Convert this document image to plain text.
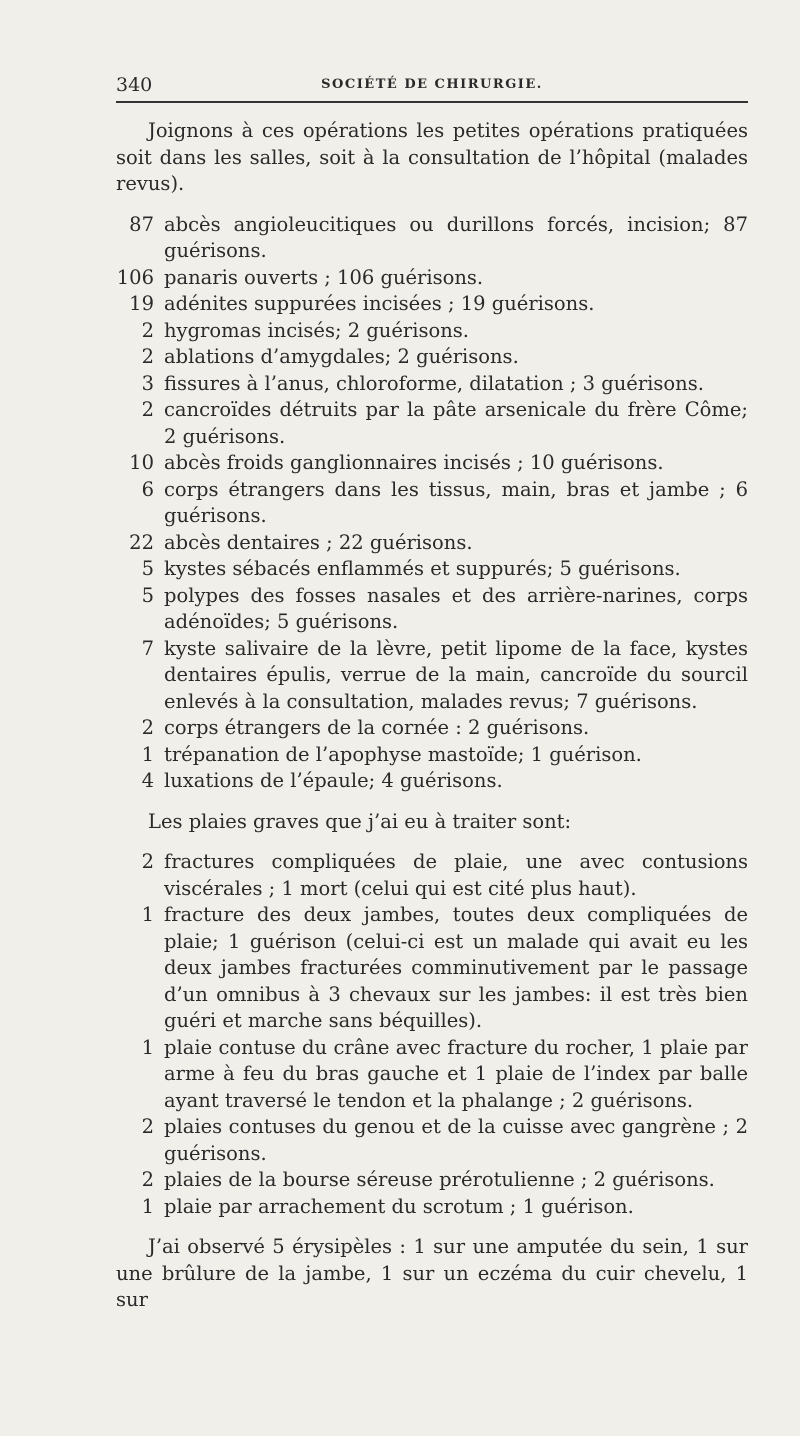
340	SOCIÉTÉ DE CHIRURGIE.

Joignons à ces opérations les petites opérations pratiquées soit dans les salles, soit à la consultation de l’hôpital (malades revus).

87 abcès angioleucitiques ou durillons forcés, incision; 87 guérisons.
106 panaris ouverts ; 106 guérisons.
19 adénites suppurées incisées ; 19 guérisons.
2 hygromas incisés; 2 guérisons.
2 ablations d’amygdales; 2 guérisons.
3 fissures à l’anus, chloroforme, dilatation ; 3 guérisons.
2 cancroïdes détruits par la pâte arsenicale du frère Côme; 2 guérisons.
10 abcès froids ganglionnaires incisés ; 10 guérisons.
6 corps étrangers dans les tissus, main, bras et jambe ; 6 guérisons.
22 abcès dentaires ; 22 guérisons.
5 kystes sébacés enflammés et suppurés; 5 guérisons.
5 polypes des fosses nasales et des arrière-narines, corps adénoïdes; 5 guérisons.
7 kyste salivaire de la lèvre, petit lipome de la face, kystes dentaires épulis, verrue de la main, cancroïde du sourcil enlevés à la consultation, malades revus; 7 guérisons.
2 corps étrangers de la cornée : 2 guérisons.
1 trépanation de l’apophyse mastoïde; 1 guérison.
4 luxations de l’épaule; 4 guérisons.

Les plaies graves que j’ai eu à traiter sont:

2 fractures compliquées de plaie, une avec contusions viscérales ; 1 mort (celui qui est cité plus haut).
1 fracture des deux jambes, toutes deux compliquées de plaie; 1 guérison (celui-ci est un malade qui avait eu les deux jambes fracturées comminutivement par le passage d’un omnibus à 3 chevaux sur les jambes: il est très bien guéri et marche sans béquilles).
1 plaie contuse du crâne avec fracture du rocher, 1 plaie par arme à feu du bras gauche et 1 plaie de l’index par balle ayant traversé le tendon et la phalange ; 2 guérisons.
2 plaies contuses du genou et de la cuisse avec gangrène ; 2 guérisons.
2 plaies de la bourse séreuse prérotulienne ; 2 guérisons.
1 plaie par arrachement du scrotum ; 1 guérison.

J’ai observé 5 érysipèles : 1 sur une amputée du sein, 1 sur une brûlure de la jambe, 1 sur un eczéma du cuir chevelu, 1 sur
